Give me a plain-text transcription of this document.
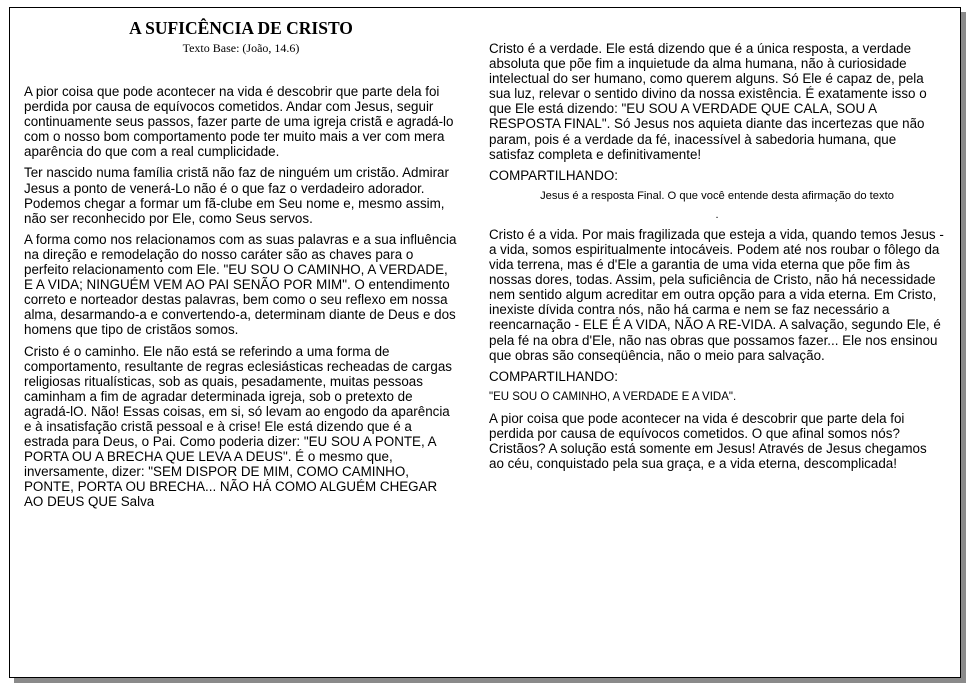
A SUFICÊNCIA DE CRISTO
Texto Base: (João, 14.6)

A pior coisa que pode acontecer na vida é descobrir que parte dela foi perdida por causa de equívocos cometidos. Andar com Jesus, seguir continuamente seus passos, fazer parte de uma igreja cristã e agradá-lo com o nosso bom comportamento pode ter muito mais a ver com mera aparência do que com a real cumplicidade.

Ter nascido numa família cristã não faz de ninguém um cristão. Admirar Jesus a ponto de venerá-Lo não é o que faz o verdadeiro adorador. Podemos chegar a formar um fã-clube em Seu nome e, mesmo assim, não ser reconhecido por Ele, como Seus servos.

A forma como nos relacionamos com as suas palavras e a sua influência na direção e remodelação do nosso caráter são as chaves para o perfeito relacionamento com Ele. "EU SOU O CAMINHO, A VERDADE, E A VIDA; NINGUÉM VEM AO PAI SENÃO POR MIM". O entendimento correto e norteador destas palavras, bem como o seu reflexo em nossa alma, desarmando-a e convertendo-a, determinam diante de Deus e dos homens que tipo de cristãos somos.

Cristo é o caminho. Ele não está se referindo a uma forma de comportamento, resultante de regras eclesiásticas recheadas de cargas religiosas ritualísticas, sob as quais, pesadamente, muitas pessoas caminham a fim de agradar determinada igreja, sob o pretexto de agradá-lO. Não! Essas coisas, em si, só levam ao engodo da aparência e à insatisfação cristã pessoal e à crise! Ele está dizendo que é a estrada para Deus, o Pai. Como poderia dizer: "EU SOU A PONTE, A PORTA OU A BRECHA QUE LEVA A DEUS". É o mesmo que, inversamente, dizer: "SEM DISPOR DE MIM, COMO CAMINHO, PONTE, PORTA OU BRECHA... NÃO HÁ COMO ALGUÉM CHEGAR AO DEUS QUE Salva

Cristo é a verdade. Ele está dizendo que é a única resposta, a verdade absoluta que põe fim a inquietude da alma humana, não à curiosidade intelectual do ser humano, como querem alguns. Só Ele é capaz de, pela sua luz, relevar o sentido divino da nossa existência. É exatamente isso o que Ele está dizendo: "EU SOU A VERDADE QUE CALA, SOU A RESPOSTA FINAL". Só Jesus nos aquieta diante das incertezas que não param, pois é a verdade da fé, inacessível à sabedoria humana, que satisfaz completa e definitivamente!

COMPARTILHANDO:

Jesus é a resposta Final. O que você entende desta afirmação do texto

.

Cristo é a vida. Por mais fragilizada que esteja a vida, quando temos Jesus - a vida, somos espiritualmente intocáveis. Podem até nos roubar o fôlego da vida terrena, mas é d'Ele a garantia de uma vida eterna que põe fim às nossas dores, todas. Assim, pela suficiência de Cristo, não há necessidade nem sentido algum acreditar em outra opção para a vida eterna. Em Cristo, inexiste dívida contra nós, não há carma e nem se faz necessário a reencarnação - ELE É A VIDA, NÃO A RE-VIDA. A salvação, segundo Ele, é pela fé na obra d'Ele, não nas obras que possamos fazer... Ele nos ensinou que obras são conseqüência, não o meio para salvação.

COMPARTILHANDO:

"EU SOU O CAMINHO, A VERDADE E A VIDA".

A pior coisa que pode acontecer na vida é descobrir que parte dela foi perdida por causa de equívocos cometidos. O que afinal somos nós? Cristãos? A solução está somente em Jesus! Através de Jesus chegamos ao céu, conquistado pela sua graça, e a vida eterna, descomplicada!
